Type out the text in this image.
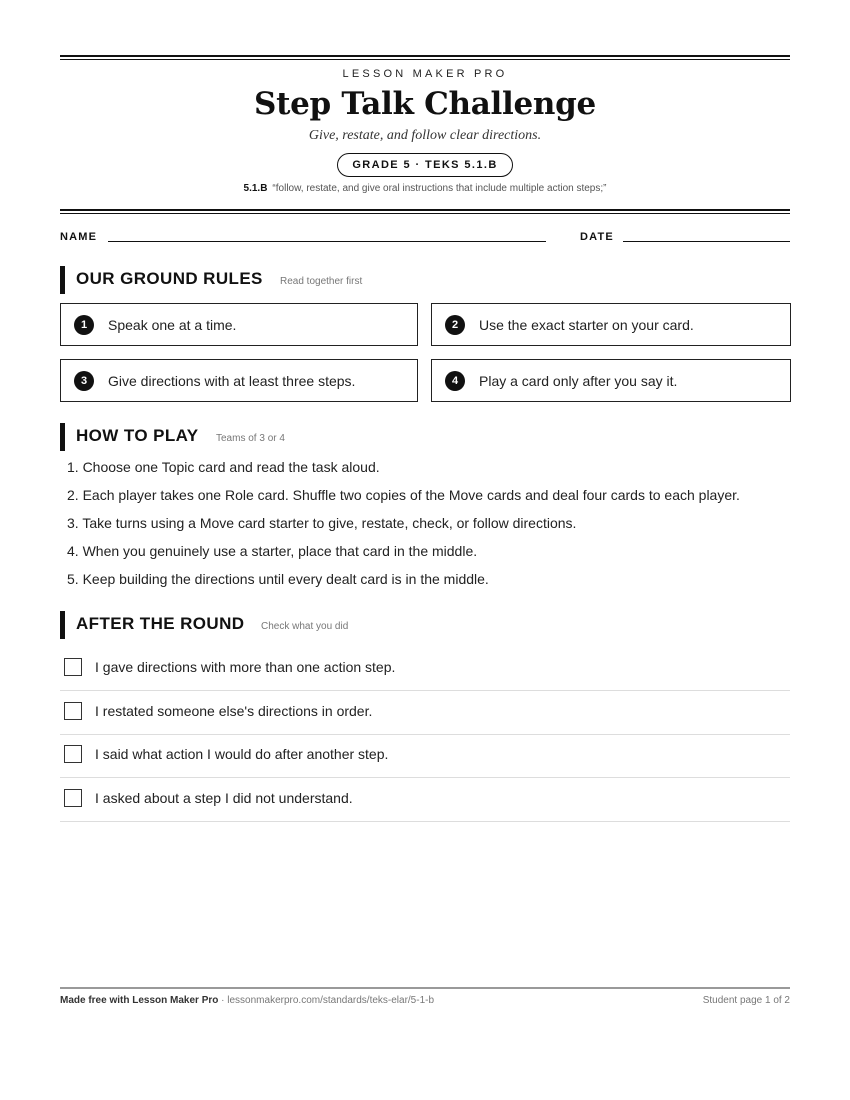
LESSON MAKER PRO
Step Talk Challenge
Give, restate, and follow clear directions.
GRADE 5 · TEKS 5.1.B
5.1.B “follow, restate, and give oral instructions that include multiple action steps;”
NAME	DATE
OUR GROUND RULES Read together first
1	Speak one at a time.	2	Use the exact starter on your card.
3	Give directions with at least three steps.	4	Play a card only after you say it.
HOW TO PLAY Teams of 3 or 4
1. Choose one Topic card and read the task aloud.
2. Each player takes one Role card. Shuffle two copies of the Move cards and deal four cards to each player.
3. Take turns using a Move card starter to give, restate, check, or follow directions.
4. When you genuinely use a starter, place that card in the middle.
5. Keep building the directions until every dealt card is in the middle.
AFTER THE ROUND Check what you did
I gave directions with more than one action step.
I restated someone else's directions in order.
I said what action I would do after another step.
I asked about a step I did not understand.
Made free with Lesson Maker Pro · lessonmakerpro.com/standards/teks-elar/5-1-b	Student page 1 of 2
